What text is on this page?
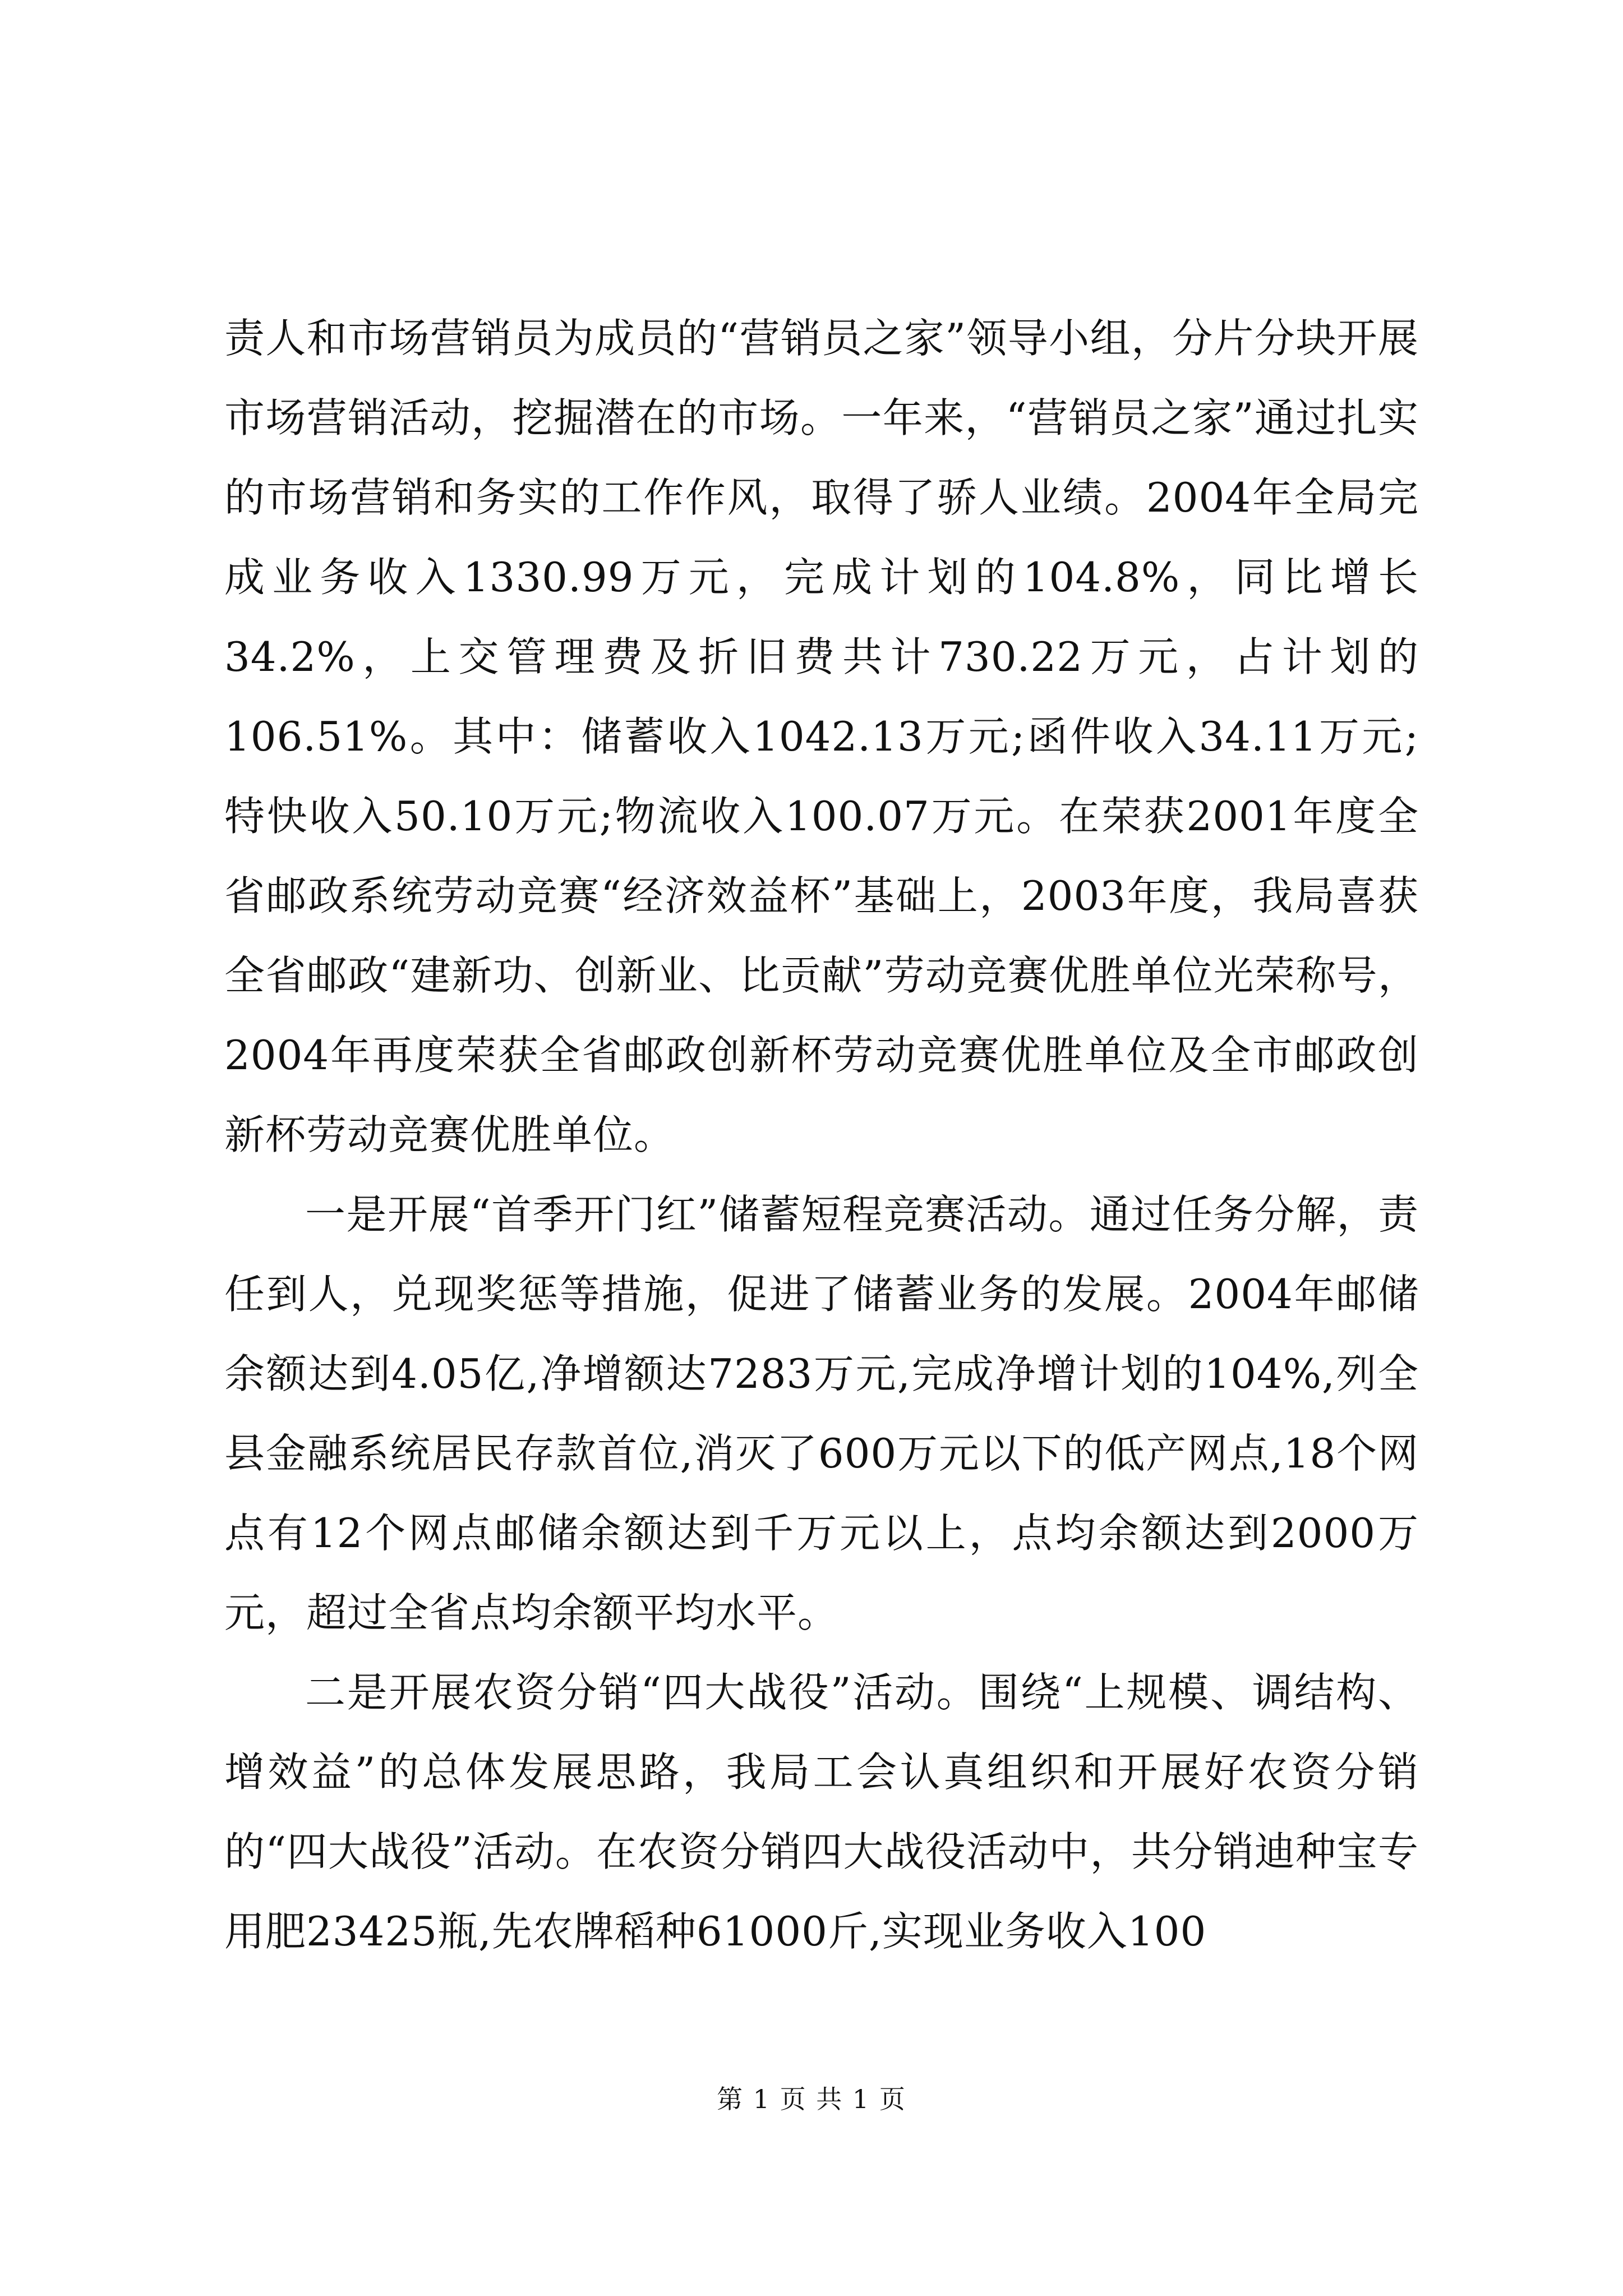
责人和市场营销员为成员的“营销员之家”领导小组，分片分块开展市场营销活动，挖掘潜在的市场。一年来，“营销员之家”通过扎实的市场营销和务实的工作作风，取得了骄人业绩。2004年全局完成业务收入1330.99万元，完成计划的104.8%，同比增长34.2%，上交管理费及折旧费共计730.22万元，占计划的106.51%。其中：储蓄收入1042.13万元;函件收入34.11万元;特快收入50.10万元;物流收入100.07万元。在荣获2001年度全省邮政系统劳动竞赛“经济效益杯”基础上，2003年度，我局喜获全省邮政“建新功、创新业、比贡献”劳动竞赛优胜单位光荣称号，2004年再度荣获全省邮政创新杯劳动竞赛优胜单位及全市邮政创新杯劳动竞赛优胜单位。

一是开展“首季开门红”储蓄短程竞赛活动。通过任务分解，责任到人，兑现奖惩等措施，促进了储蓄业务的发展。2004年邮储余额达到4.05亿,净增额达7283万元,完成净增计划的104%,列全县金融系统居民存款首位,消灭了600万元以下的低产网点,18个网点有12个网点邮储余额达到千万元以上，点均余额达到2000万元，超过全省点均余额平均水平。

二是开展农资分销“四大战役”活动。围绕“上规模、调结构、增效益”的总体发展思路，我局工会认真组织和开展好农资分销的“四大战役”活动。在农资分销四大战役活动中，共分销迪种宝专用肥23425瓶,先农牌稻种61000斤,实现业务收入100

第 1 页 共 1 页
